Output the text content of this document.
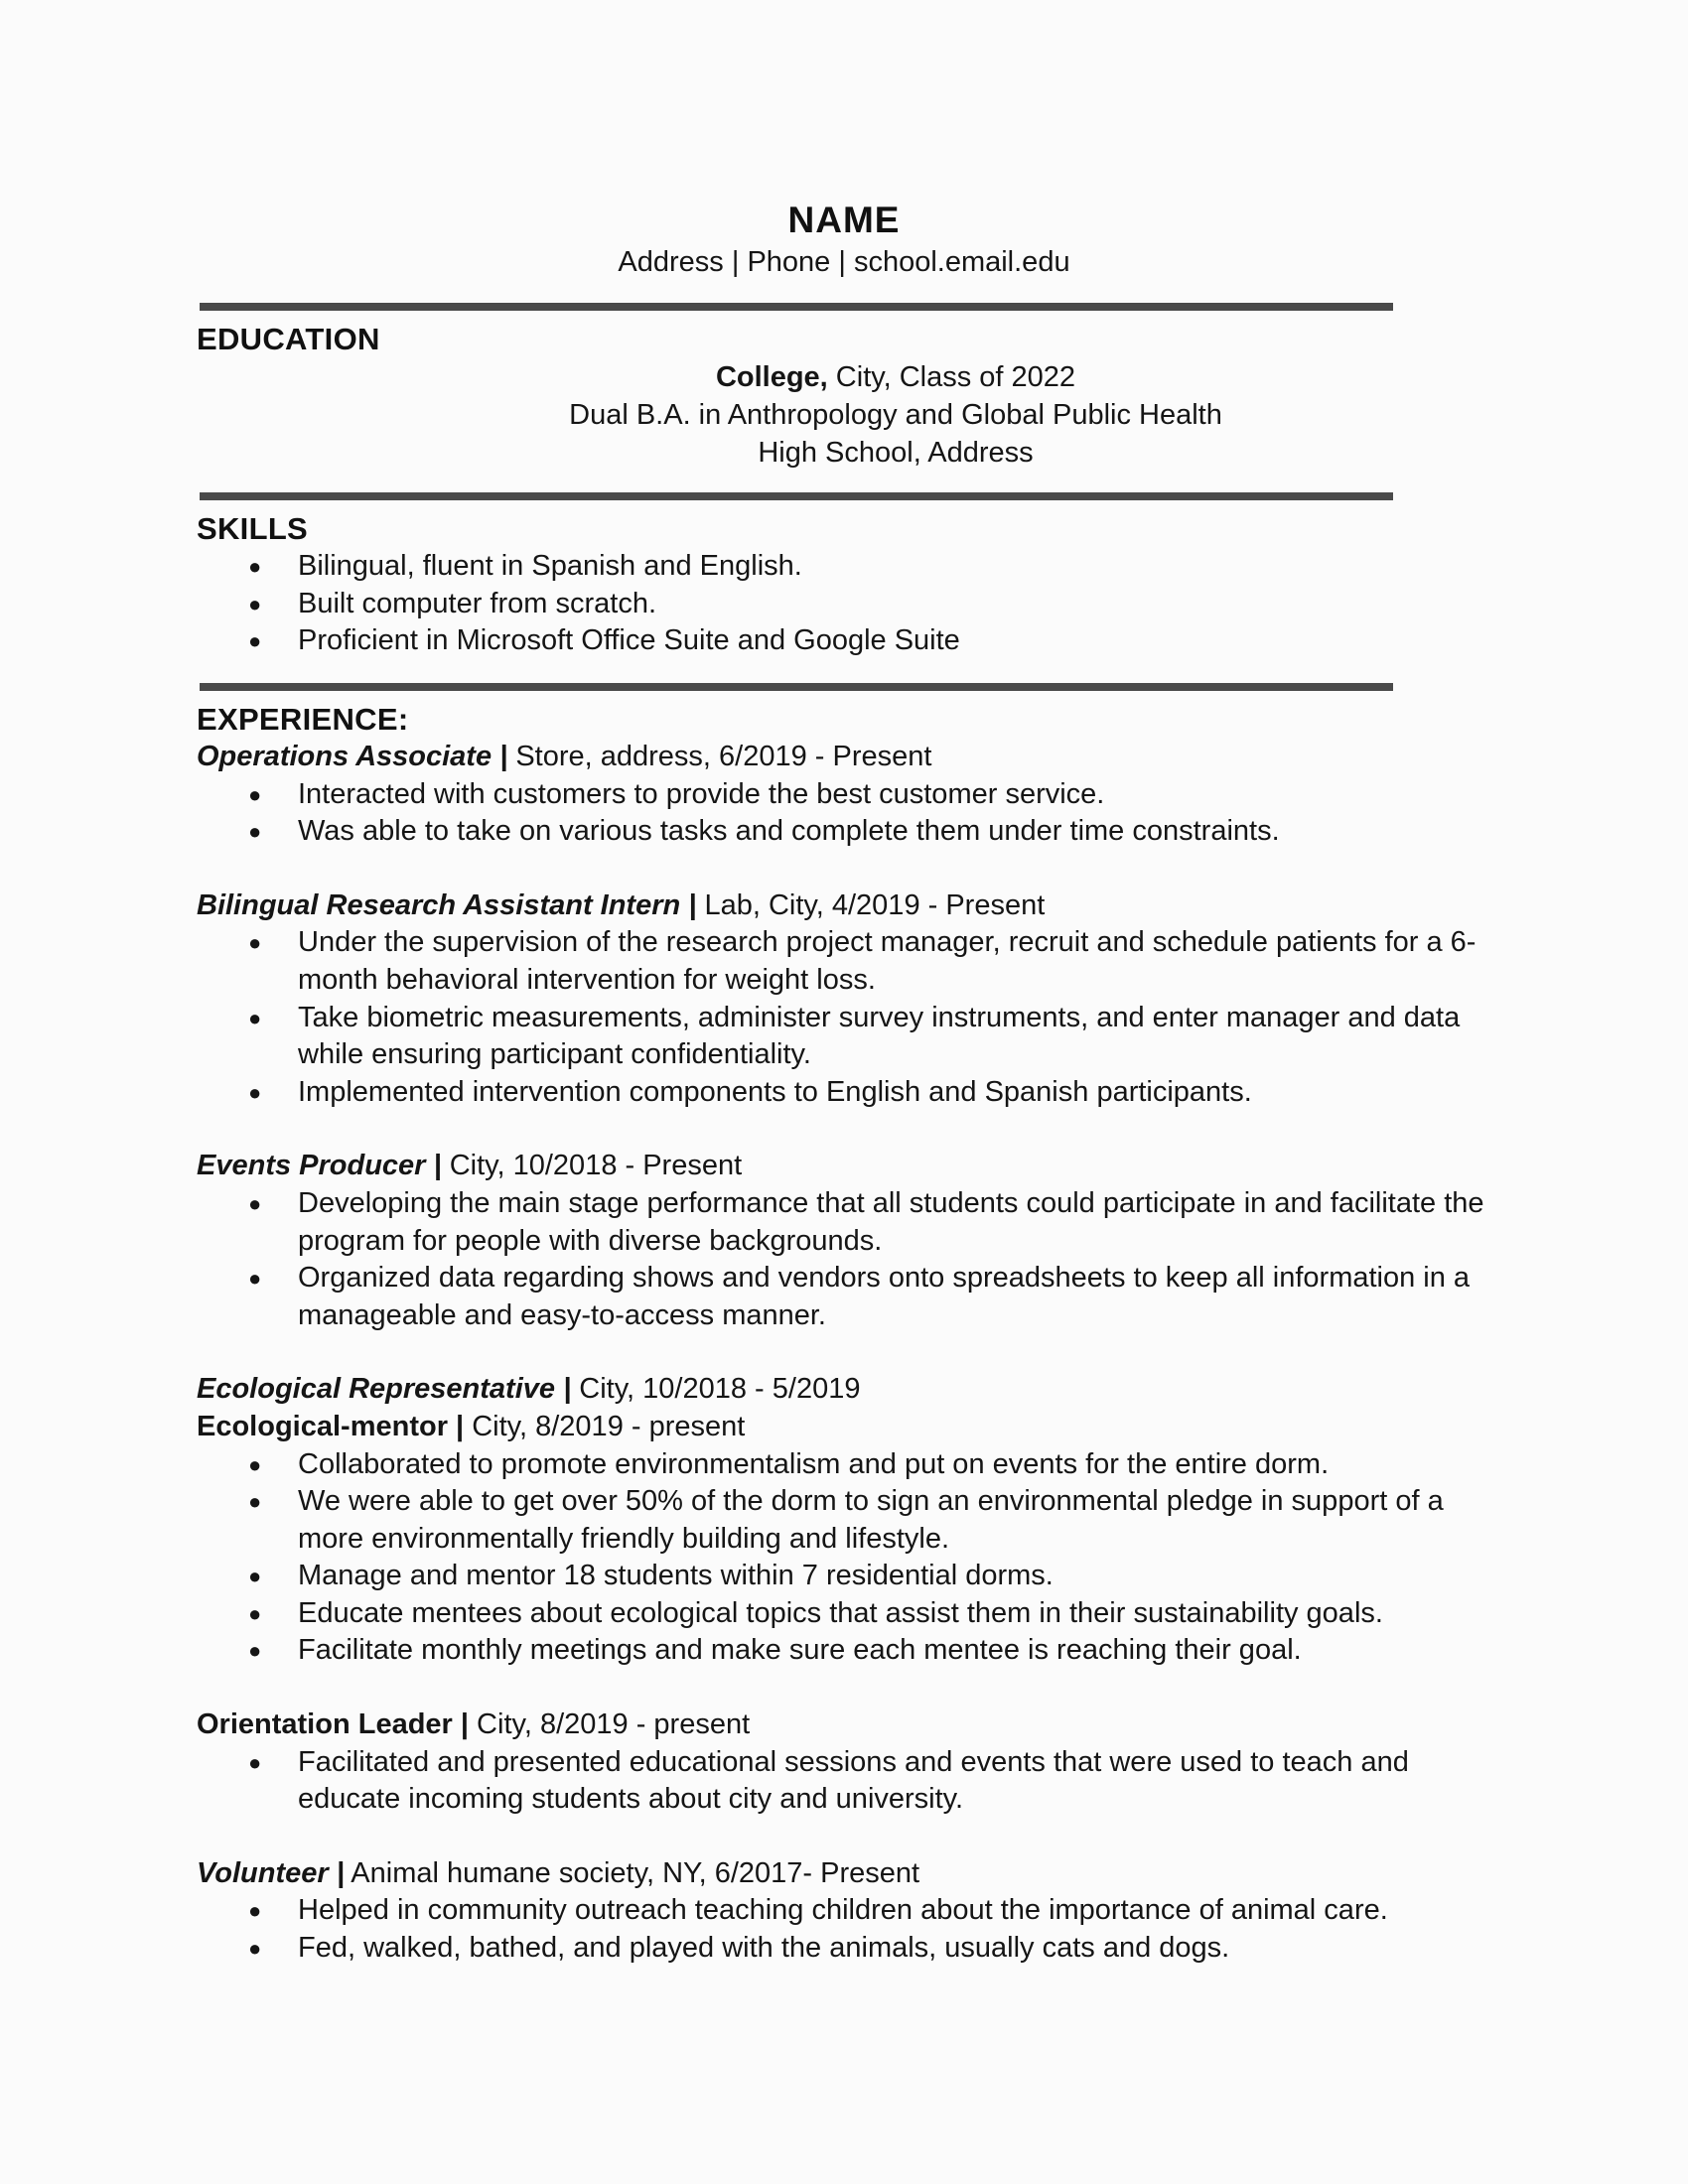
NAME
Address | Phone | school.email.edu
EDUCATION
College, City, Class of 2022
Dual B.A. in Anthropology and Global Public Health
High School, Address
SKILLS
● Bilingual, fluent in Spanish and English.
● Built computer from scratch.
● Proficient in Microsoft Office Suite and Google Suite
EXPERIENCE:
Operations Associate | Store, address, 6/2019 - Present
● Interacted with customers to provide the best customer service.
● Was able to take on various tasks and complete them under time constraints.
Bilingual Research Assistant Intern | Lab, City, 4/2019 - Present
● Under the supervision of the research project manager, recruit and schedule patients for a 6-month behavioral intervention for weight loss.
● Take biometric measurements, administer survey instruments, and enter manager and data while ensuring participant confidentiality.
● Implemented intervention components to English and Spanish participants.
Events Producer | City, 10/2018 - Present
● Developing the main stage performance that all students could participate in and facilitate the program for people with diverse backgrounds.
● Organized data regarding shows and vendors onto spreadsheets to keep all information in a manageable and easy-to-access manner.
Ecological Representative | City, 10/2018 - 5/2019
Ecological-mentor | City, 8/2019 - present
● Collaborated to promote environmentalism and put on events for the entire dorm.
● We were able to get over 50% of the dorm to sign an environmental pledge in support of a more environmentally friendly building and lifestyle.
● Manage and mentor 18 students within 7 residential dorms.
● Educate mentees about ecological topics that assist them in their sustainability goals.
● Facilitate monthly meetings and make sure each mentee is reaching their goal.
Orientation Leader | City, 8/2019 - present
● Facilitated and presented educational sessions and events that were used to teach and educate incoming students about city and university.
Volunteer | Animal humane society, NY, 6/2017- Present
● Helped in community outreach teaching children about the importance of animal care.
● Fed, walked, bathed, and played with the animals, usually cats and dogs.
